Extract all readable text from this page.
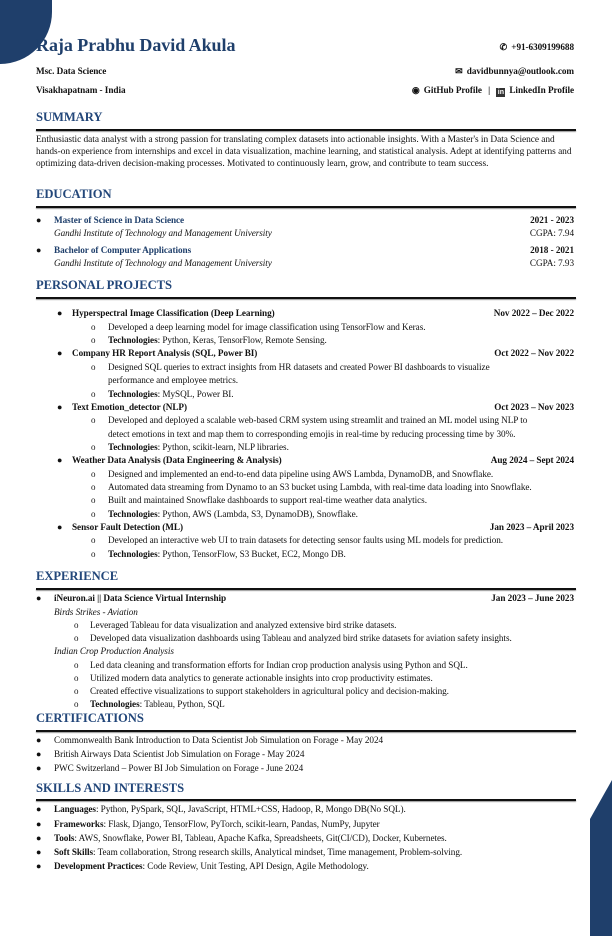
Raja Prabhu David Akula	✆ +91-6309199688
Msc. Data Science	✉ davidbunnya@outlook.com
Visakhapatnam - India	◉ GitHub Profile | in LinkedIn Profile
SUMMARY
Enthusiastic data analyst with a strong passion for translating complex datasets into actionable insights. With a Master's in Data Science and hands-on experience from internships and excel in data visualization, machine learning, and statistical analysis. Adept at identifying patterns and optimizing data-driven decision-making processes. Motivated to continuously learn, grow, and contribute to team success.
EDUCATION
● Master of Science in Data Science	2021 - 2023
Gandhi Institute of Technology and Management University	CGPA: 7.94
● Bachelor of Computer Applications	2018 - 2021
Gandhi Institute of Technology and Management University	CGPA: 7.93
PERSONAL PROJECTS
● Hyperspectral Image Classification (Deep Learning)	Nov 2022 – Dec 2022
o Developed a deep learning model for image classification using TensorFlow and Keras.
o Technologies: Python, Keras, TensorFlow, Remote Sensing.
● Company HR Report Analysis (SQL, Power BI)	Oct 2022 – Nov 2022
o Designed SQL queries to extract insights from HR datasets and created Power BI dashboards to visualize
performance and employee metrics.
o Technologies: MySQL, Power BI.
● Text Emotion_detector (NLP)	Oct 2023 – Nov 2023
o Developed and deployed a scalable web-based CRM system using streamlit and trained an ML model using NLP to
detect emotions in text and map them to corresponding emojis in real-time by reducing processing time by 30%.
o Technologies: Python, scikit-learn, NLP libraries.
● Weather Data Analysis (Data Engineering & Analysis)	Aug 2024 – Sept 2024
o Designed and implemented an end-to-end data pipeline using AWS Lambda, DynamoDB, and Snowflake.
o Automated data streaming from Dynamo to an S3 bucket using Lambda, with real-time data loading into Snowflake.
o Built and maintained Snowflake dashboards to support real-time weather data analytics.
o Technologies: Python, AWS (Lambda, S3, DynamoDB), Snowflake.
● Sensor Fault Detection (ML)	Jan 2023 – April 2023
o Developed an interactive web UI to train datasets for detecting sensor faults using ML models for prediction.
o Technologies: Python, TensorFlow, S3 Bucket, EC2, Mongo DB.
EXPERIENCE
● iNeuron.ai || Data Science Virtual Internship	Jan 2023 – June 2023
Birds Strikes - Aviation
o Leveraged Tableau for data visualization and analyzed extensive bird strike datasets.
o Developed data visualization dashboards using Tableau and analyzed bird strike datasets for aviation safety insights.
Indian Crop Production Analysis
o Led data cleaning and transformation efforts for Indian crop production analysis using Python and SQL.
o Utilized modern data analytics to generate actionable insights into crop productivity estimates.
o Created effective visualizations to support stakeholders in agricultural policy and decision-making.
o Technologies: Tableau, Python, SQL
CERTIFICATIONS
● Commonwealth Bank Introduction to Data Scientist Job Simulation on Forage - May 2024
● British Airways Data Scientist Job Simulation on Forage - May 2024
● PWC Switzerland – Power BI Job Simulation on Forage - June 2024
SKILLS AND INTERESTS
● Languages: Python, PySpark, SQL, JavaScript, HTML+CSS, Hadoop, R, Mongo DB(No SQL).
● Frameworks: Flask, Django, TensorFlow, PyTorch, scikit-learn, Pandas, NumPy, Jupyter
● Tools: AWS, Snowflake, Power BI, Tableau, Apache Kafka, Spreadsheets, Git(CI/CD), Docker, Kubernetes.
● Soft Skills: Team collaboration, Strong research skills, Analytical mindset, Time management, Problem-solving.
● Development Practices: Code Review, Unit Testing, API Design, Agile Methodology.
